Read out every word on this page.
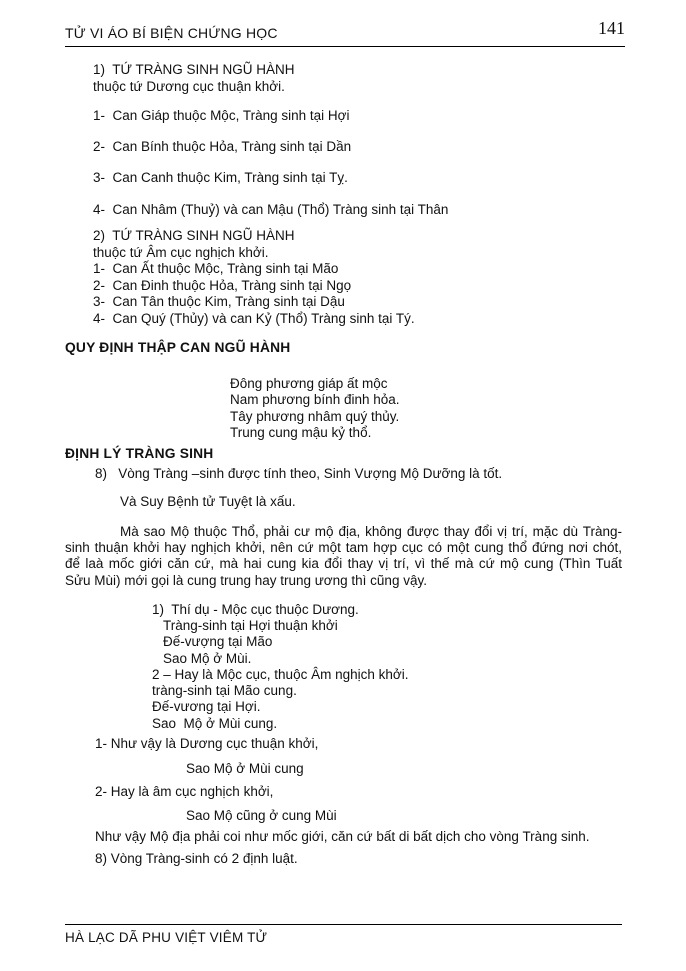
TỬ VI ÁO BÍ BIỆN CHỨNG HỌC	141
1)  TỨ TRÀNG SINH NGŨ HÀNH
thuộc tứ Dương cục thuận khởi.
1-  Can Giáp thuộc Mộc, Tràng sinh tại Hợi
2-  Can Bính thuộc Hỏa, Tràng sinh tại Dần
3-  Can Canh thuộc Kim, Tràng sinh tại Tỵ.
4-  Can Nhâm (Thuỷ) và can Mậu (Thổ) Tràng sinh tại Thân
2)  TỨ TRÀNG SINH NGŨ HÀNH
thuộc tứ Âm cục nghịch khởi.
1-  Can Ất thuộc Mộc, Tràng sinh tại Mão
2-  Can Đinh thuộc Hỏa, Tràng sinh tại Ngọ
3-  Can Tân thuộc Kim, Tràng sinh tại Dậu
4-  Can Quý (Thủy) và can Kỷ (Thổ) Tràng sinh tại Tý.
QUY ĐỊNH THẬP CAN NGŨ HÀNH
Đông phương giáp ất mộc
Nam phương bính đinh hỏa.
Tây phương nhâm quý thủy.
Trung cung mậu kỷ thổ.
ĐỊNH LÝ TRÀNG SINH
8)   Vòng Tràng –sinh được tính theo, Sinh Vượng Mộ Dưỡng là tốt.
Và Suy Bệnh tử Tuyệt là xấu.
Mà sao Mộ thuộc Thổ, phải cư mộ địa, không được thay đổi vị trí, mặc dù Tràng-
sinh thuận khởi hay nghịch khởi, nên cứ một tam hợp cục có một cung thổ đứng nơi chót,
để laà mốc giới căn cứ, mà hai cung kia đổi thay vị trí, vì thế mà cứ mộ cung (Thìn Tuất
Sửu Mùi) mới gọi là cung trung hay trung ương thì cũng vậy.
1)  Thí dụ - Mộc cục thuộc Dương.
Tràng-sinh tại Hợi thuận khởi
Đế-vượng tại Mão
Sao Mộ ở Mùi.
2 – Hay là Mộc cục, thuộc Âm nghịch khởi.
tràng-sinh tại Mão cung.
Đế-vương tại Hợi.
Sao  Mộ ở Mùi cung.
1- Như vậy là Dương cục thuận khởi,
Sao Mộ ở Mùi cung
2- Hay là âm cục nghịch khởi,
Sao Mộ cũng ở cung Mùi
Như vậy Mộ địa phải coi như mốc giới, căn cứ bất di bất dịch cho vòng Tràng sinh.
8) Vòng Tràng-sinh có 2 định luật.
HÀ LẠC DÃ PHU VIỆT VIÊM TỬ
